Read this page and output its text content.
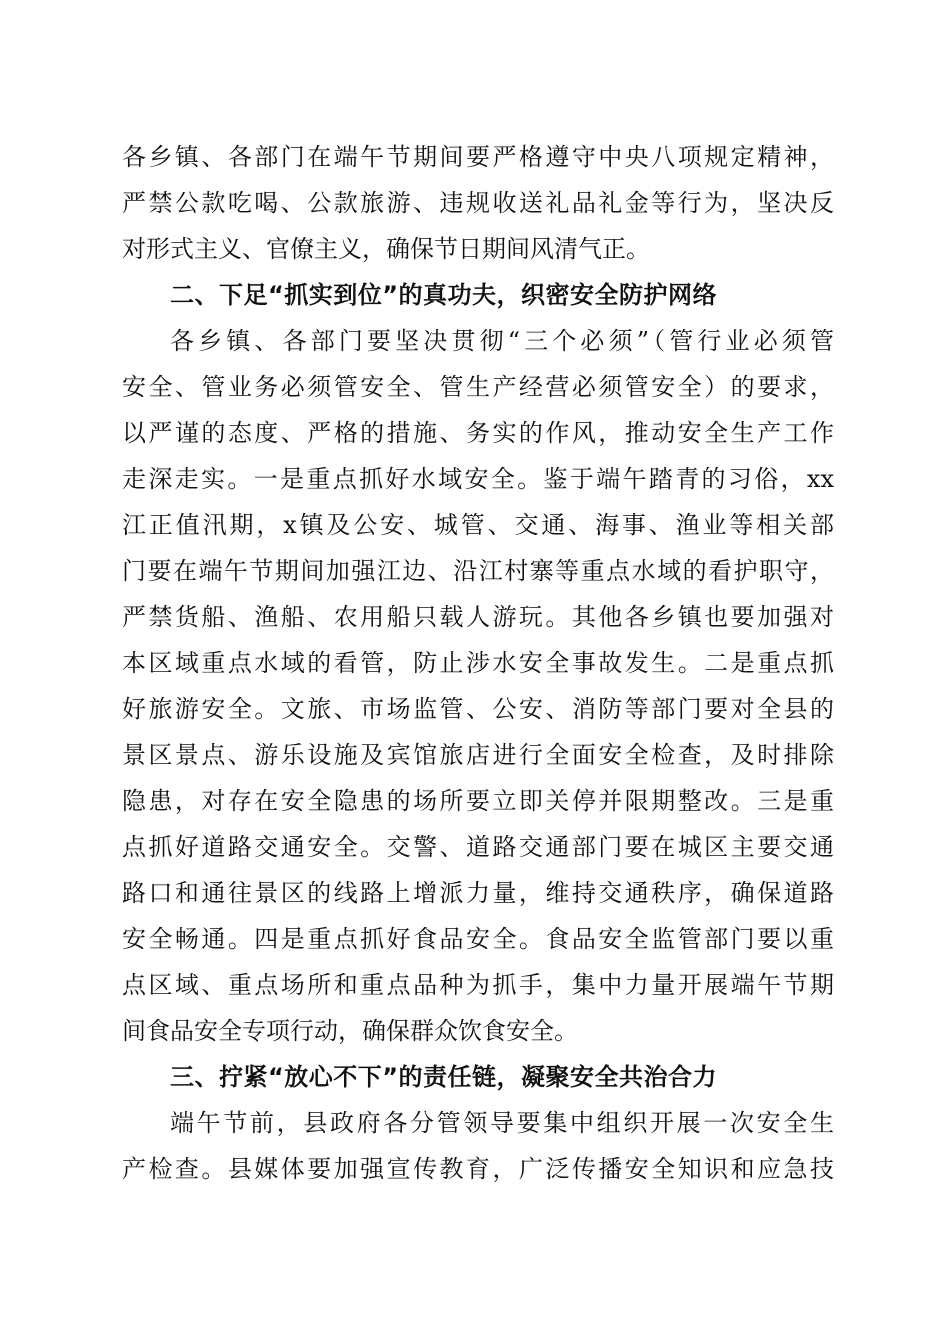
各乡镇、各部门在端午节期间要严格遵守中央八项规定精神，
严禁公款吃喝、公款旅游、违规收送礼品礼金等行为，坚决反
对形式主义、官僚主义，确保节日期间风清气正。
二、下足“抓实到位”的真功夫，织密安全防护网络
各乡镇、各部门要坚决贯彻“三个必须”（管行业必须管
安全、管业务必须管安全、管生产经营必须管安全）的要求，
以严谨的态度、严格的措施、务实的作风，推动安全生产工作
走深走实。一是重点抓好水域安全。鉴于端午踏青的习俗，xx
江正值汛期，x镇及公安、城管、交通、海事、渔业等相关部
门要在端午节期间加强江边、沿江村寨等重点水域的看护职守，
严禁货船、渔船、农用船只载人游玩。其他各乡镇也要加强对
本区域重点水域的看管，防止涉水安全事故发生。二是重点抓
好旅游安全。文旅、市场监管、公安、消防等部门要对全县的
景区景点、游乐设施及宾馆旅店进行全面安全检查，及时排除
隐患，对存在安全隐患的场所要立即关停并限期整改。三是重
点抓好道路交通安全。交警、道路交通部门要在城区主要交通
路口和通往景区的线路上增派力量，维持交通秩序，确保道路
安全畅通。四是重点抓好食品安全。食品安全监管部门要以重
点区域、重点场所和重点品种为抓手，集中力量开展端午节期
间食品安全专项行动，确保群众饮食安全。
三、拧紧“放心不下”的责任链，凝聚安全共治合力
端午节前，县政府各分管领导要集中组织开展一次安全生
产检查。县媒体要加强宣传教育，广泛传播安全知识和应急技
